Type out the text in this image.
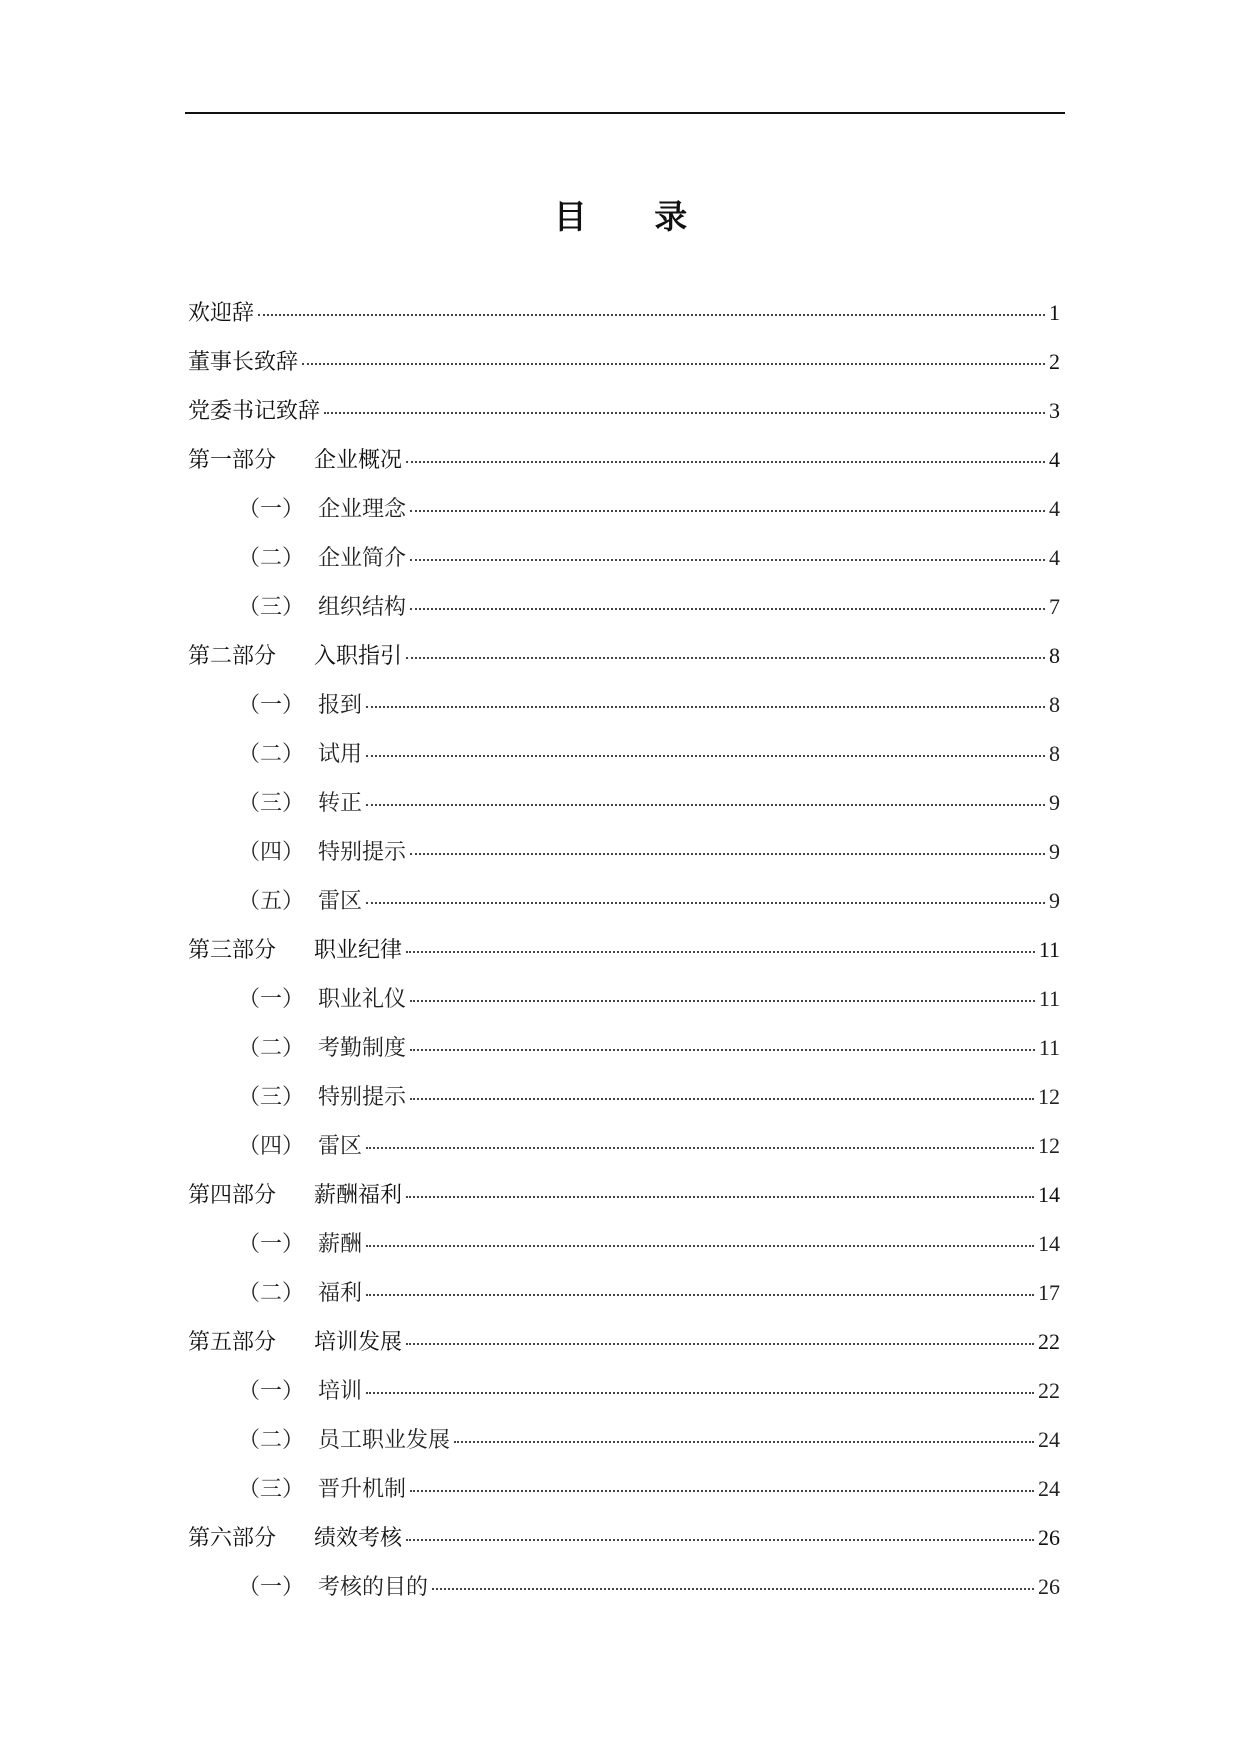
目 录
欢迎辞	1
董事长致辞	2
党委书记致辞	3
第一部分	企业概况	4
（一） 企业理念	4
（二） 企业简介	4
（三） 组织结构	7
第二部分	入职指引	8
（一） 报到	8
（二） 试用	8
（三） 转正	9
（四） 特别提示	9
（五） 雷区	9
第三部分	职业纪律	11
（一） 职业礼仪	11
（二） 考勤制度	11
（三） 特别提示	12
（四） 雷区	12
第四部分	薪酬福利	14
（一） 薪酬	14
（二） 福利	17
第五部分	培训发展	22
（一） 培训	22
（二） 员工职业发展	24
（三） 晋升机制	24
第六部分	绩效考核	26
（一） 考核的目的	26
